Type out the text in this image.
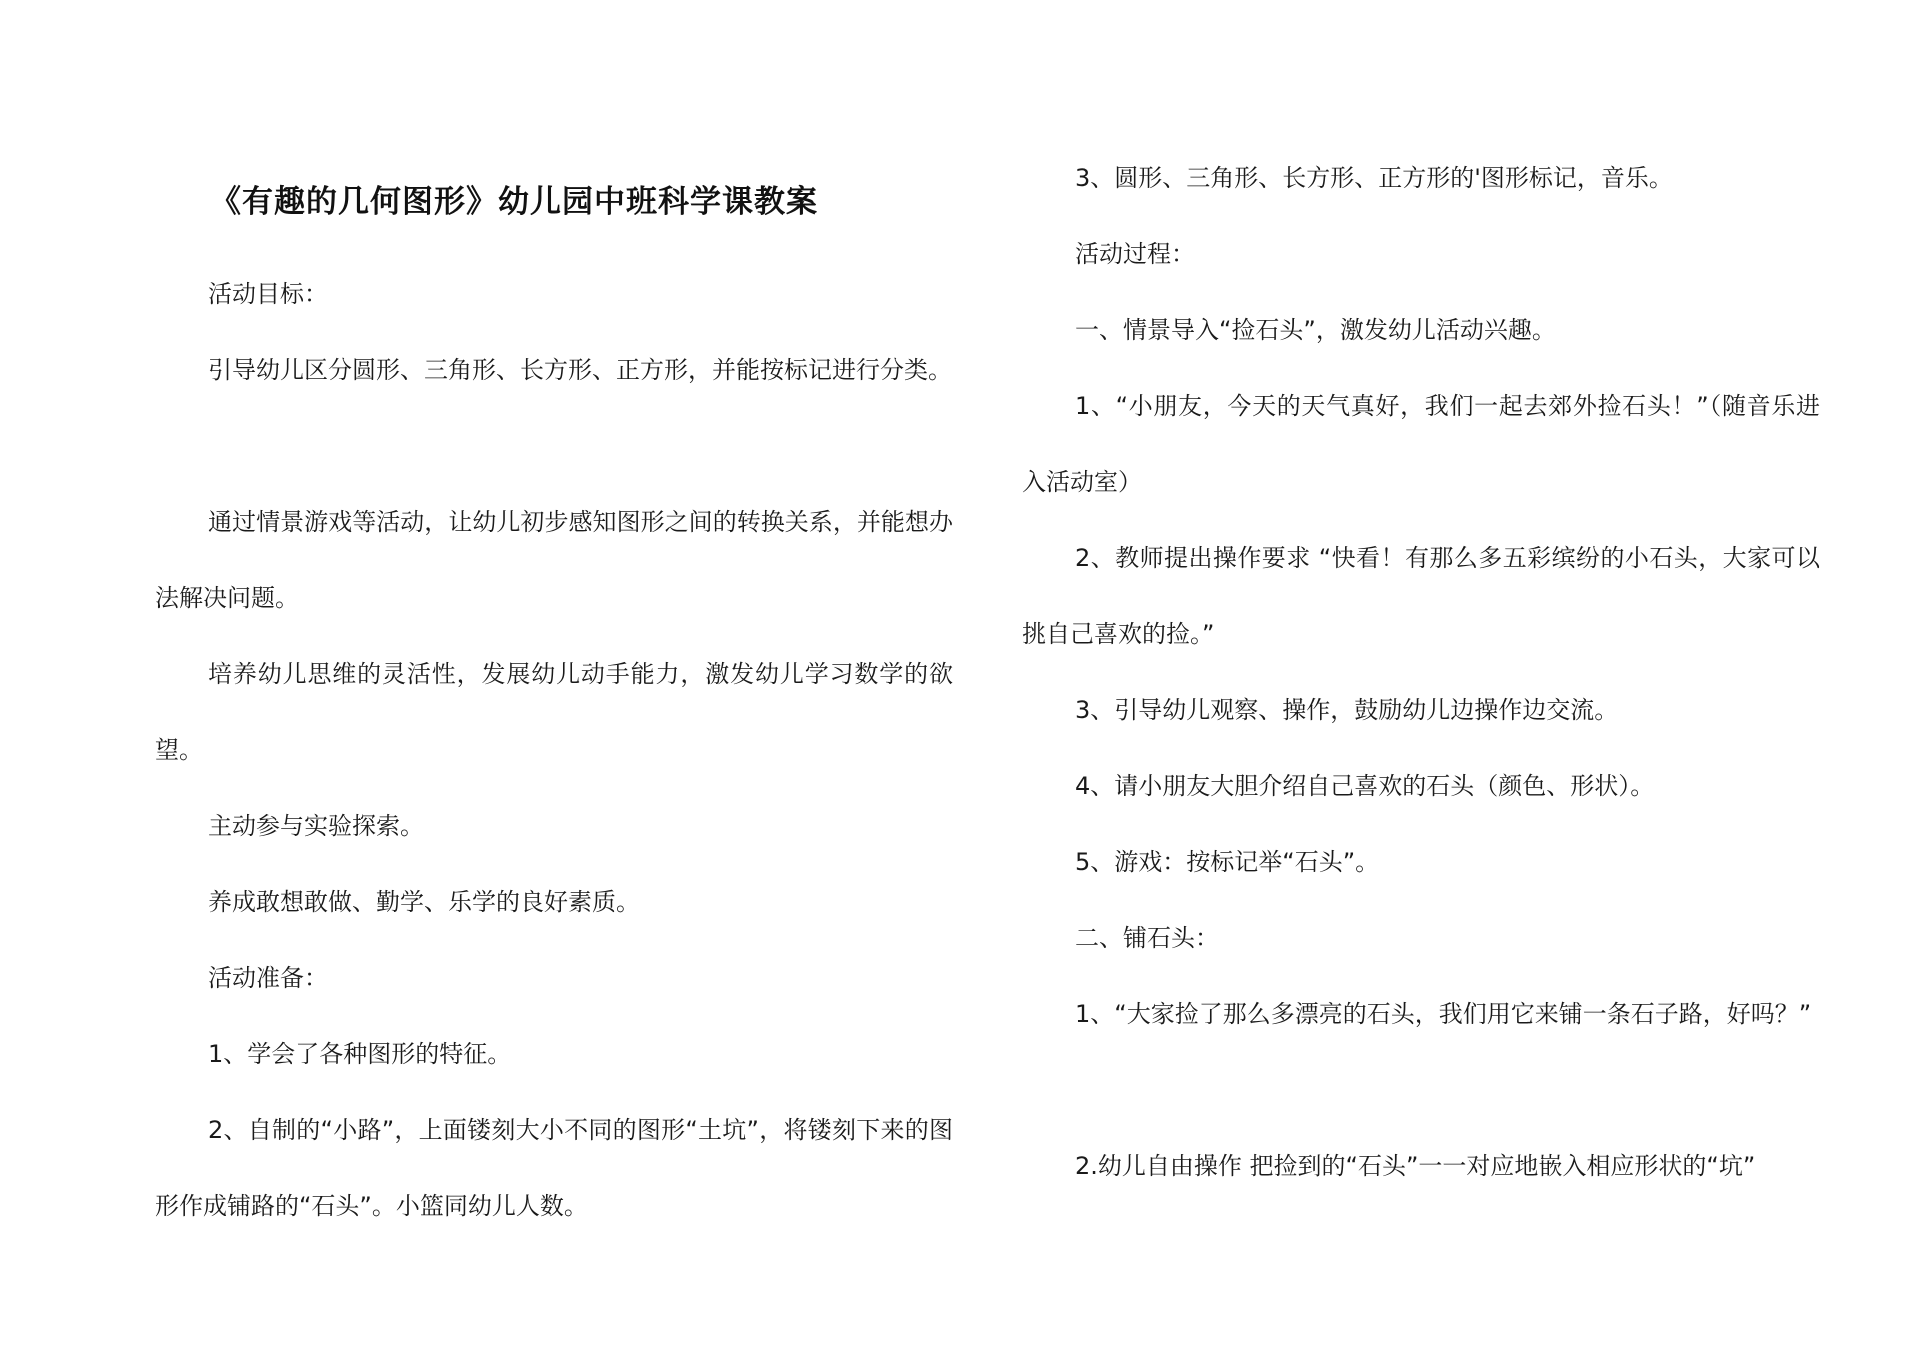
《有趣的几何图形》幼儿园中班科学课教案

活动目标：

引导幼儿区分圆形、三角形、长方形、正方形，并能按标记进行分类。

通过情景游戏等活动，让幼儿初步感知图形之间的转换关系，并能想办法解决问题。

培养幼儿思维的灵活性，发展幼儿动手能力，激发幼儿学习数学的欲望。

主动参与实验探索。

养成敢想敢做、勤学、乐学的良好素质。

活动准备：

1、学会了各种图形的特征。

2、自制的“小路”，上面镂刻大小不同的图形“土坑”，将镂刻下来的图形作成铺路的“石头”。小篮同幼儿人数。

3、圆形、三角形、长方形、正方形的'图形标记，音乐。

活动过程：

一、情景导入“捡石头”，激发幼儿活动兴趣。

1、“小朋友，今天的天气真好，我们一起去郊外捡石头！”（随音乐进入活动室）

2、教师提出操作要求 “快看！有那么多五彩缤纷的小石头，大家可以挑自己喜欢的捡。”

3、引导幼儿观察、操作，鼓励幼儿边操作边交流。

4、请小朋友大胆介绍自己喜欢的石头（颜色、形状）。

5、游戏：按标记举“石头”。

二、铺石头：

1、“大家捡了那么多漂亮的石头，我们用它来铺一条石子路，好吗？”

2.幼儿自由操作 把捡到的“石头”一一对应地嵌入相应形状的“坑”
